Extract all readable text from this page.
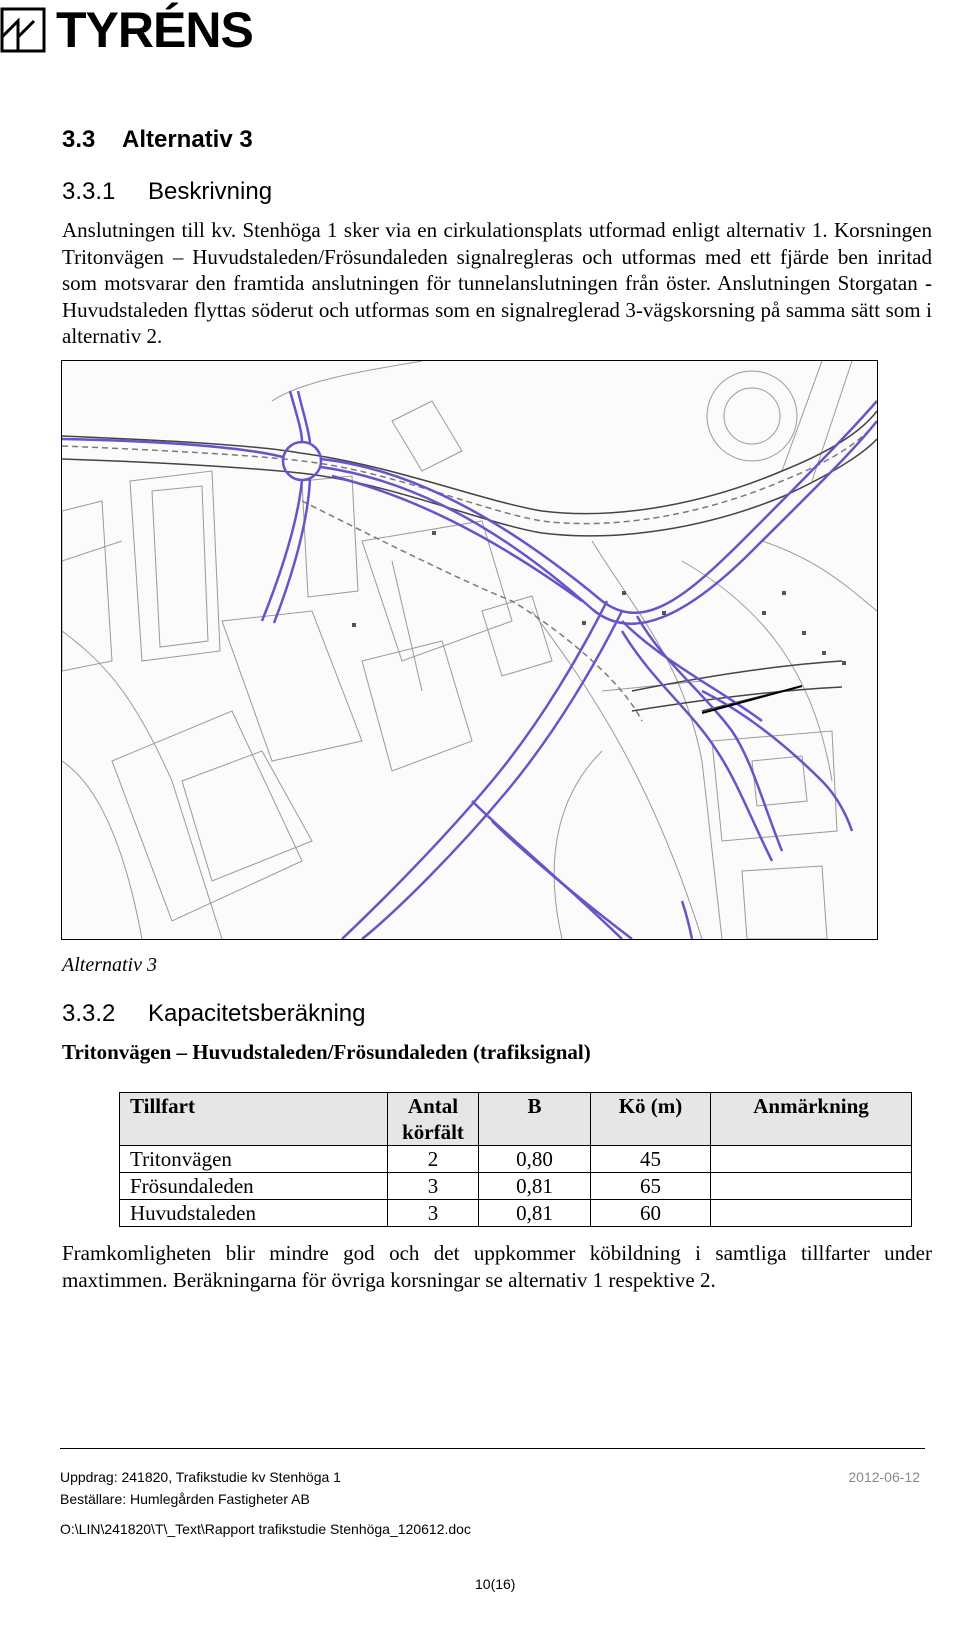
TYRÉNS
3.3 Alternativ 3
3.3.1 Beskrivning

Anslutningen till kv. Stenhöga 1 sker via en cirkulationsplats utformad enligt alternativ 1. Korsningen Tritonvägen – Huvudstaleden/Frösundaleden signalregleras och utformas med ett fjärde ben inritad som motsvarar den framtida anslutningen för tunnelanslutningen från öster. Anslutningen Storgatan - Huvudstaleden flyttas söderut och utformas som en signalreglerad 3-vägskorsning på samma sätt som i alternativ 2.

Alternativ 3
3.3.2 Kapacitetsberäkning
Tritonvägen – Huvudstaleden/Frösundaleden (trafiksignal)
Tillfart	Antal körfält	B	Kö (m)	Anmärkning
Tritonvägen	2	0,80	45	
Frösundaleden	3	0,81	65	
Huvudstaleden	3	0,81	60	

Framkomligheten blir mindre god och det uppkommer köbildning i samtliga tillfarter under maxtimmen. Beräkningarna för övriga korsningar se alternativ 1 respektive 2.

Uppdrag: 241820, Trafikstudie kv Stenhöga 1	2012-06-12
Beställare: Humlegården Fastigheter AB
O:\LIN\241820\T\_Text\Rapport trafikstudie Stenhöga_120612.doc
10(16)
